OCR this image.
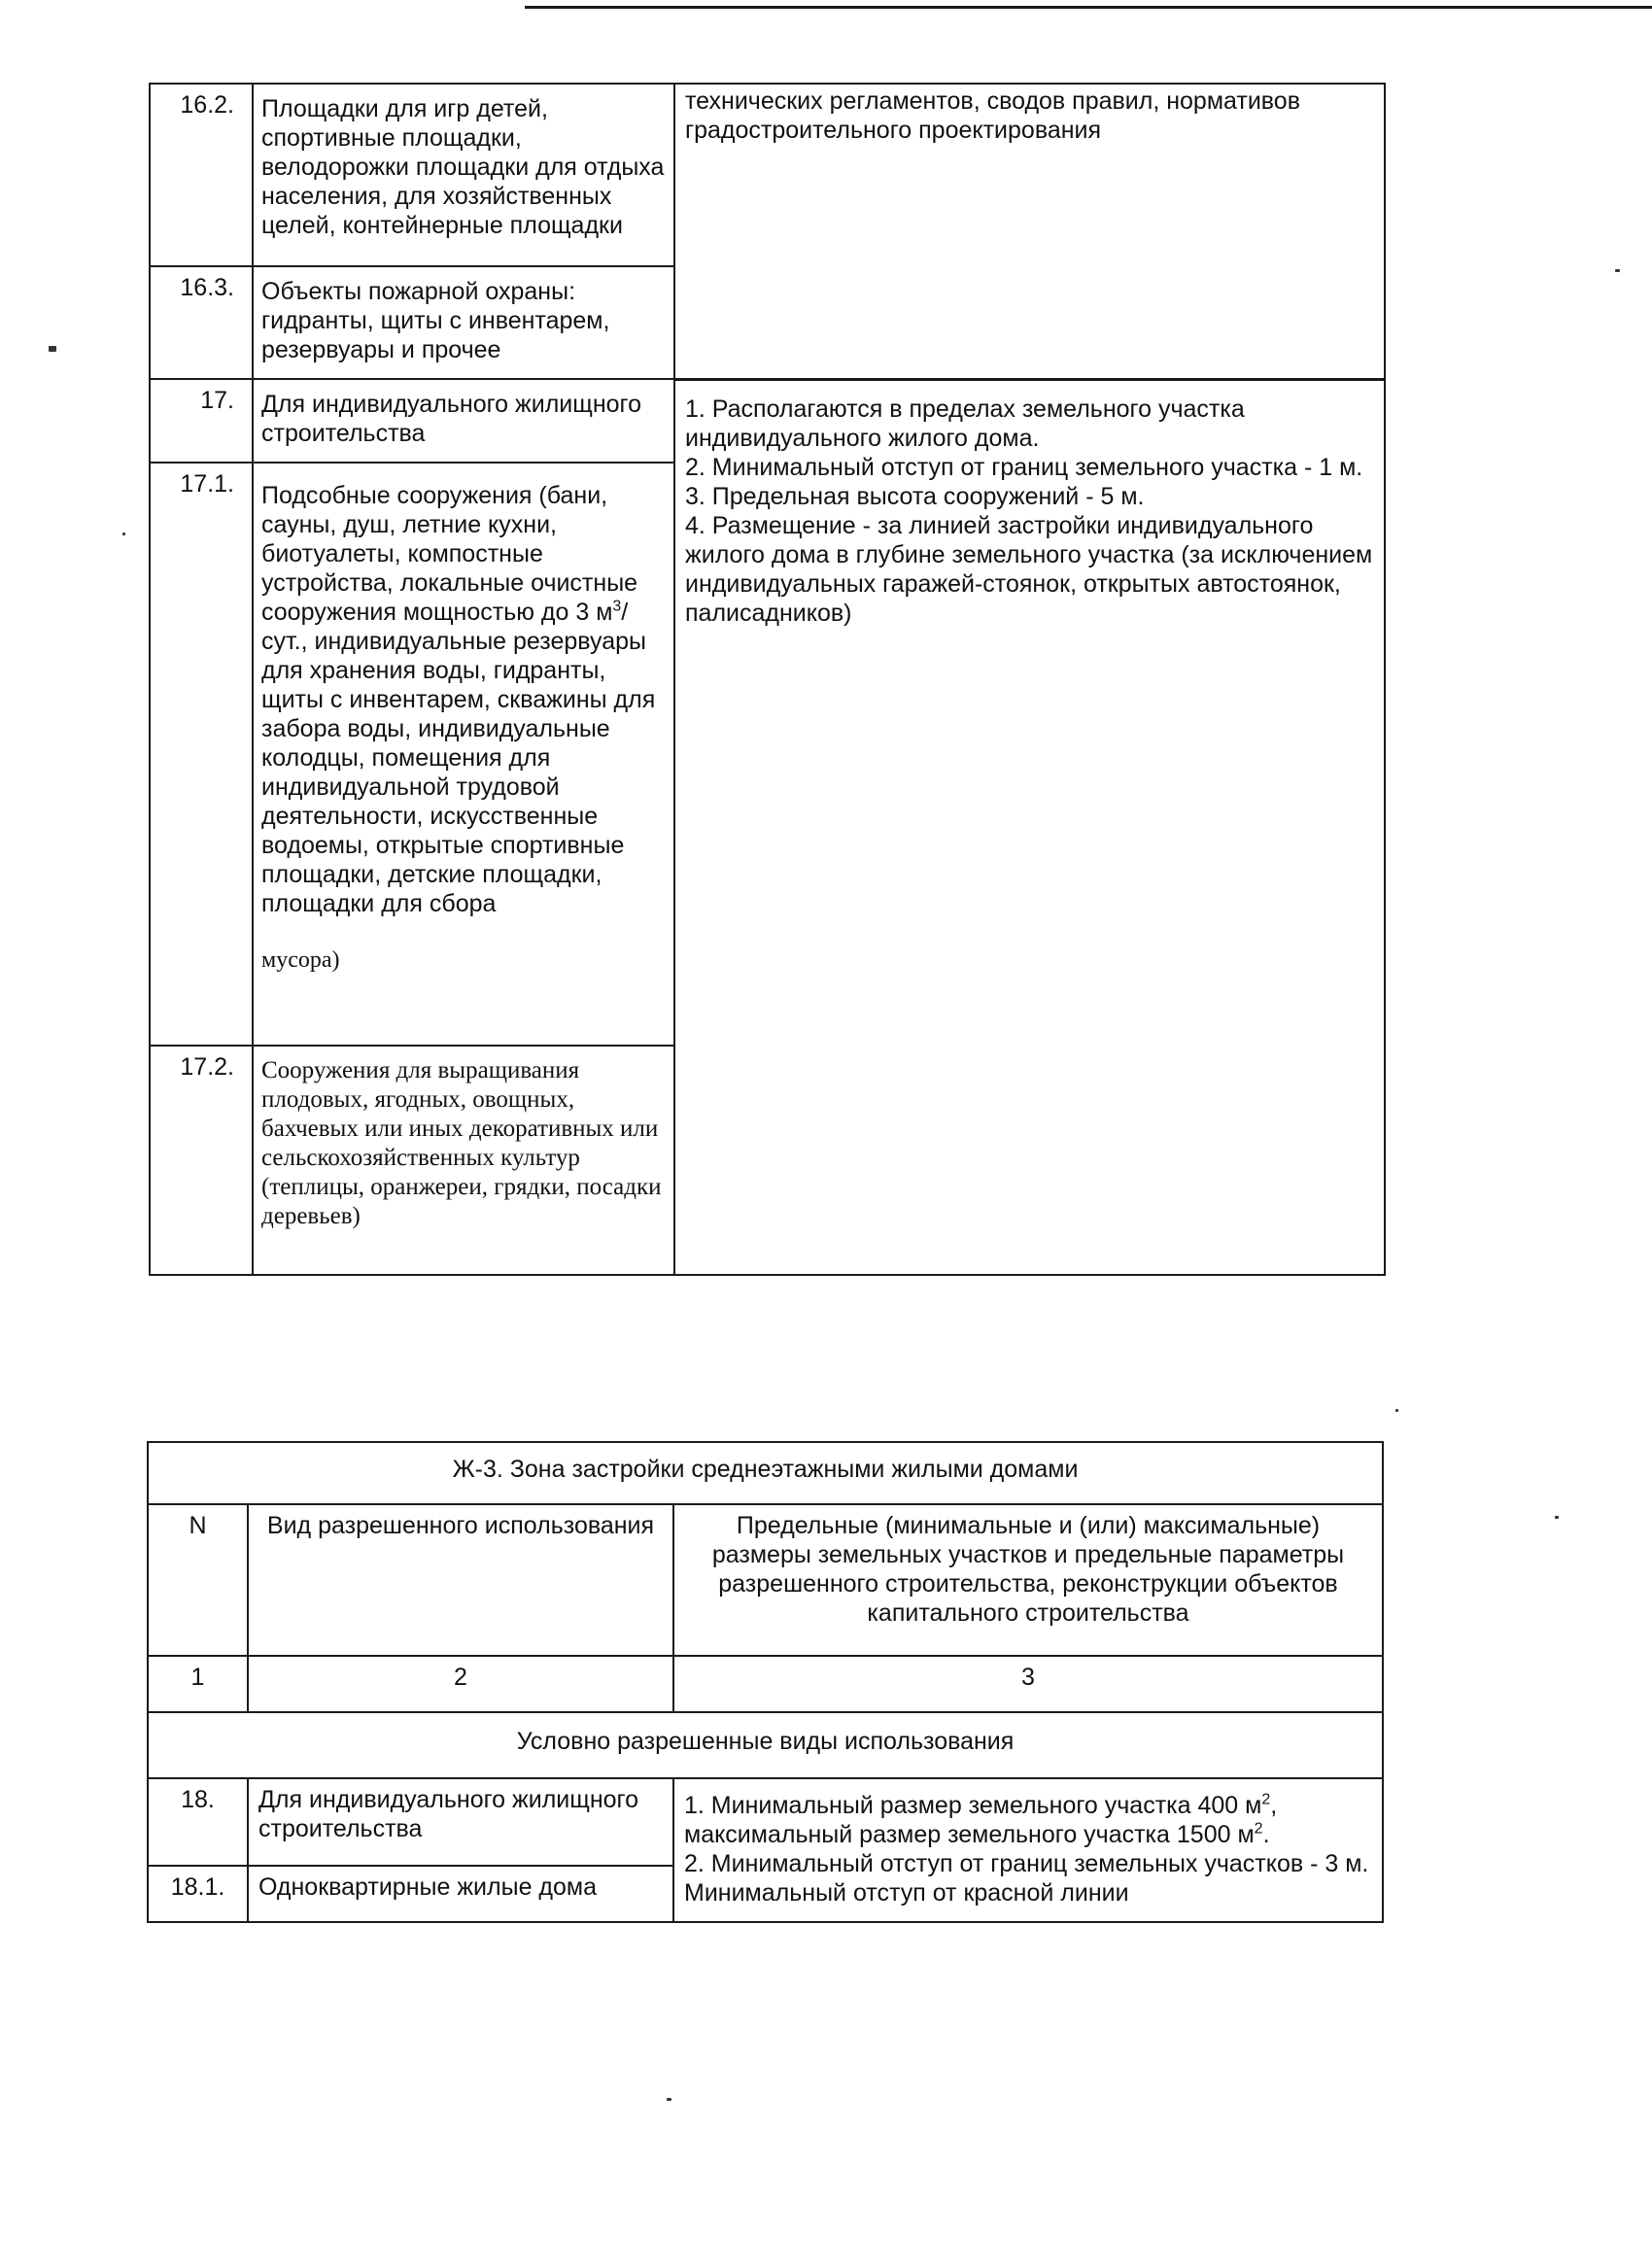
16.2.	Площадки для игр детей, спортивные площадки, велодорожки площадки для отдыха населения, для хозяйственных целей, контейнерные площадки	технических регламентов, сводов правил, нормативов градостроительного проектирования
16.3.	Объекты пожарной охраны: гидранты, щиты с инвентарем, резервуары и прочее	
17.	Для индивидуального жилищного строительства	1. Располагаются в пределах земельного участка индивидуального жилого дома.
2. Минимальный отступ от границ земельного участка - 1 м.
3. Предельная высота сооружений - 5 м.
4. Размещение - за линией застройки индивидуального жилого дома в глубине земельного участка (за исключением индивидуальных гаражей-стоянок, открытых автостоянок, палисадников)

17.1.	Подсобные сооружения (бани, сауны, душ, летние кухни, биотуалеты, компостные устройства, локальные очистные сооружения мощностью до 3 $м^3$/сут., индивидуальные резервуары для хранения воды, гидранты, щиты с инвентарем, скважины для забора воды, индивидуальные колодцы, помещения для индивидуальной трудовой деятельности, искусственные водоемы, открытые спортивные площадки, детские площадки, площадки для сбора
мусора)	

17.2.	Сооружения для выращивания плодовых, ягодных, овощных, бахчевых или иных декоративных или сельскохозяйственных культур (теплицы, оранжереи, грядки, посадки деревьев)	
Ж-3. Зона застройки среднеэтажными жилыми домами		
N	Вид разрешенного использования	Предельные (минимальные и (или) максимальные) размеры земельных участков и предельные параметры разрешенного строительства, реконструкции объектов капитального строительства
1	2	3
Условно разрешенные виды использования		
18.	Для индивидуального жилищного строительства	1. Минимальный размер земельного участка 400 $м^2$,
максимальный размер земельного участка 1500 $м^2$.
2. Минимальный отступ от границ земельных участков - 3 м. Минимальный отступ от красной линии

18.1.	Одноквартирные жилые дома	
